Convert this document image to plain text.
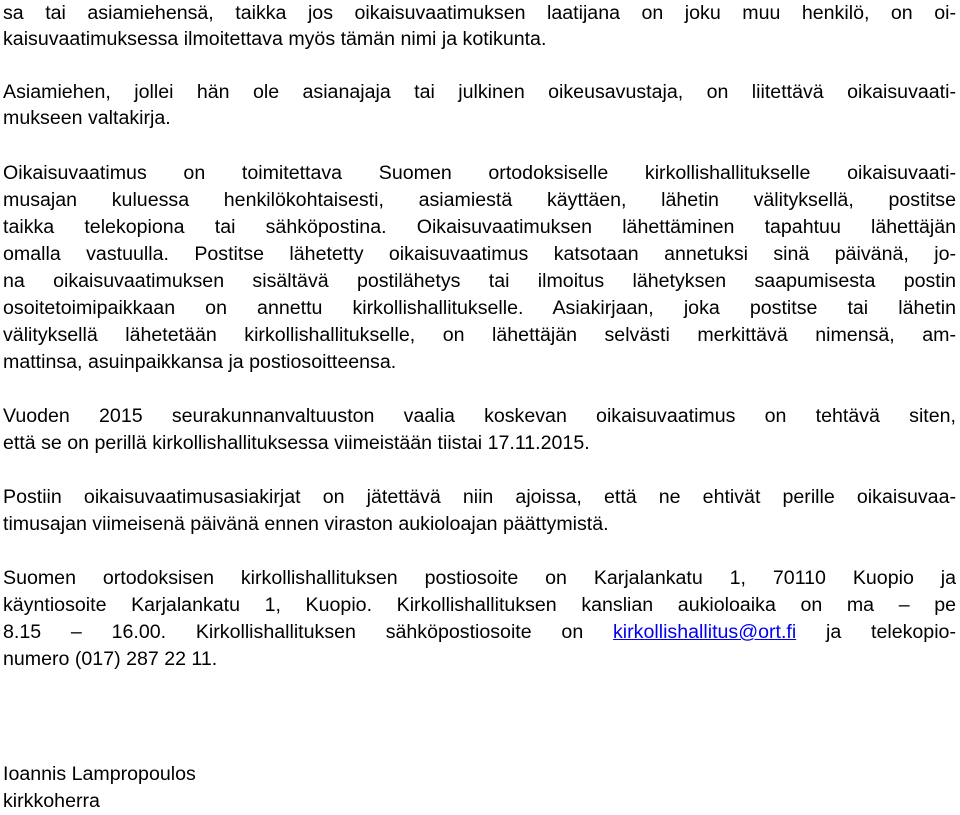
sa tai asiamiehensä, taikka jos oikaisuvaatimuksen laatijana on joku muu henkilö, on oi-
kaisuvaatimuksessa ilmoitettava myös tämän nimi ja kotikunta.
Asiamiehen, jollei hän ole asianajaja tai julkinen oikeusavustaja, on liitettävä oikaisuvaati-
mukseen valtakirja.
Oikaisuvaatimus on toimitettava Suomen ortodoksiselle kirkollishallitukselle oikaisuvaati-
musajan kuluessa henkilökohtaisesti, asiamiestä käyttäen, lähetin välityksellä, postitse
taikka telekopiona tai sähköpostina. Oikaisuvaatimuksen lähettäminen tapahtuu lähettäjän
omalla vastuulla. Postitse lähetetty oikaisuvaatimus katsotaan annetuksi sinä päivänä, jo-
na oikaisuvaatimuksen sisältävä postilähetys tai ilmoitus lähetyksen saapumisesta postin
osoitetoimipaikkaan on annettu kirkollishallitukselle. Asiakirjaan, joka postitse tai lähetin
välityksellä lähetetään kirkollishallitukselle, on lähettäjän selvästi merkittävä nimensä, am-
mattinsa, asuinpaikkansa ja postiosoitteensa.
Vuoden 2015 seurakunnanvaltuuston vaalia koskevan oikaisuvaatimus on tehtävä siten,
että se on perillä kirkollishallituksessa viimeistään tiistai 17.11.2015.
Postiin oikaisuvaatimusasiakirjat on jätettävä niin ajoissa, että ne ehtivät perille oikaisuvaa-
timusajan viimeisenä päivänä ennen viraston aukioloajan päättymistä.
Suomen ortodoksisen kirkollishallituksen postiosoite on Karjalankatu 1, 70110 Kuopio ja
käyntiosoite Karjalankatu 1, Kuopio. Kirkollishallituksen kanslian aukioloaika on ma – pe
8.15 – 16.00. Kirkollishallituksen sähköpostiosoite on kirkollishallitus@ort.fi ja telekopio-
numero (017) 287 22 11.
Ioannis Lampropoulos
kirkkoherra
